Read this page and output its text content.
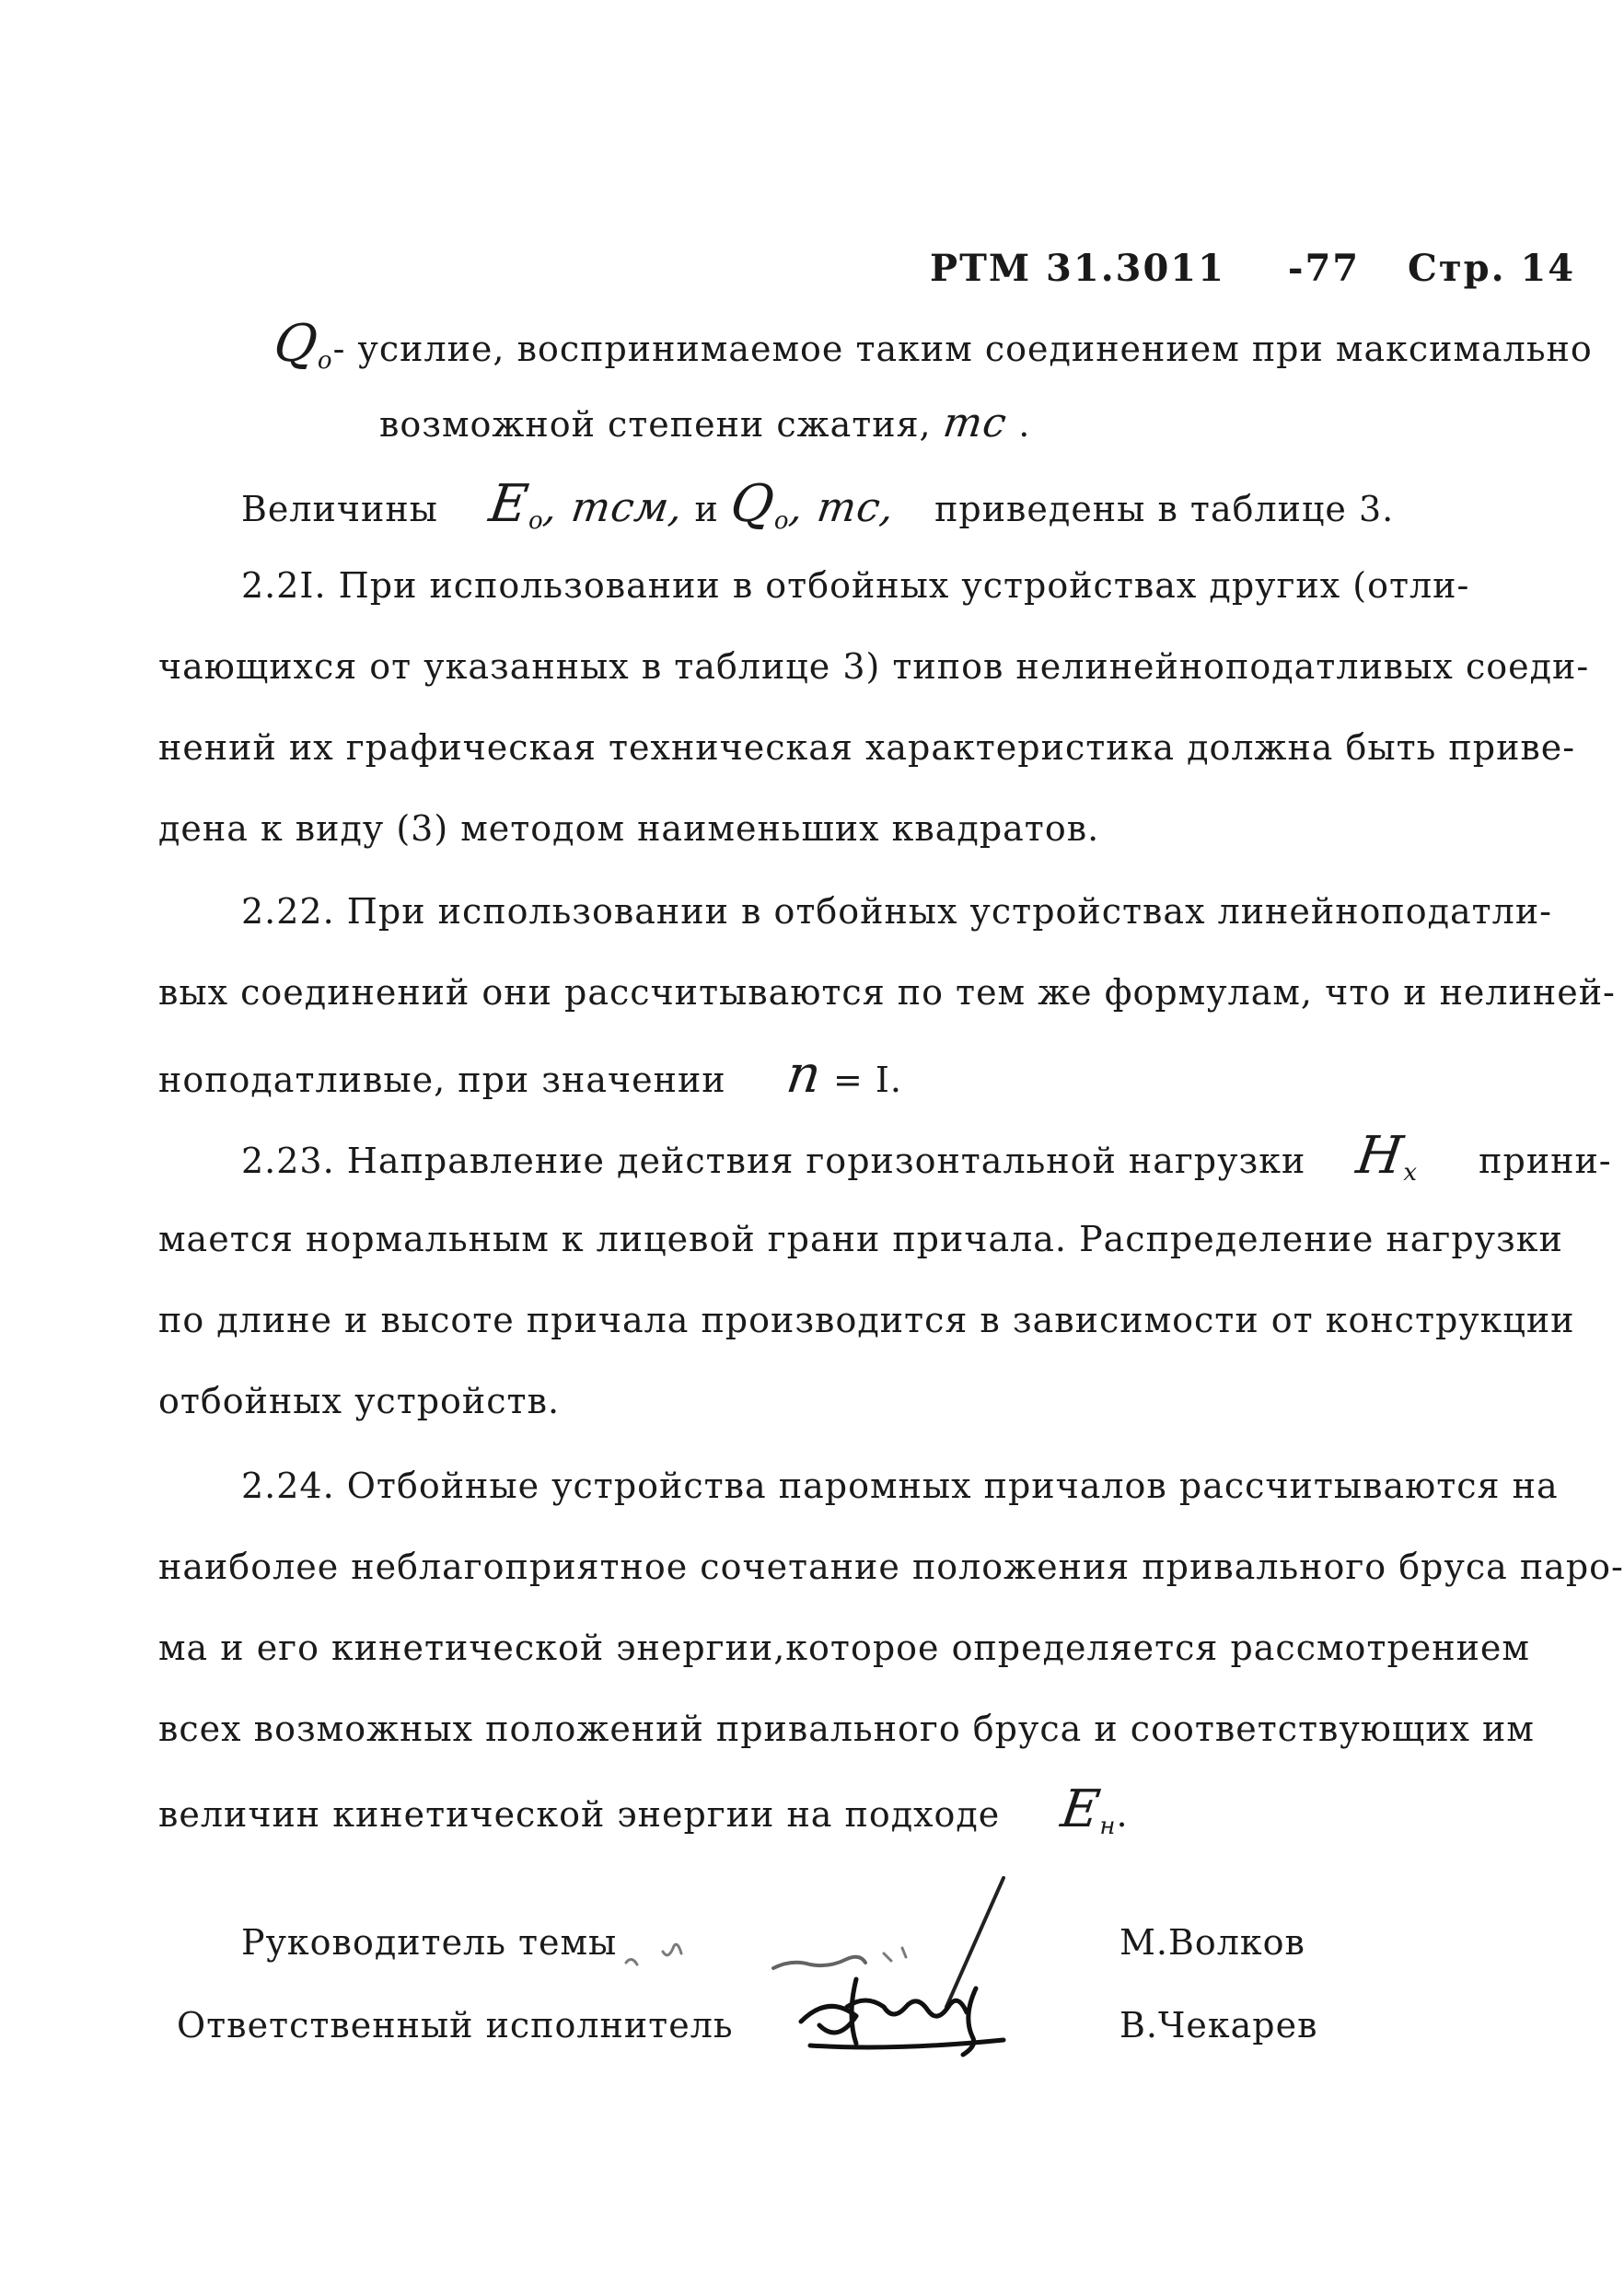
РТМ 31.3011 -77 Стр. 14
$Q_o-$ усилие, воспринимаемое таким соединением при максимально
возможной степени сжатия, тс .
Величины $E_o$, тсм, и $Q_o$, тс, приведены в таблице 3.
2.2I. При использовании в отбойных устройствах других (отли-
чающихся от указанных в таблице 3) типов нелинейноподатливых соеди-
нений их графическая техническая характеристика должна быть приве-
дена к виду (3) методом наименьших квадратов.
2.22. При использовании в отбойных устройствах линейноподатли-
вых соединений они рассчитываются по тем же формулам, что и нелиней-
ноподатливые, при значении n = I.
2.23. Направление действия горизонтальной нагрузки $H_x$ прини-
мается нормальным к лицевой грани причала. Распределение нагрузки
по длине и высоте причала производится в зависимости от конструкции
отбойных устройств.
2.24. Отбойные устройства паромных причалов рассчитываются на
наиболее неблагоприятное сочетание положения привального бруса паро-
ма и его кинетической энергии,которое определяется рассмотрением
всех возможных положений привального бруса и соответствующих им
величин кинетической энергии на подходе $E_н$.
Руководитель темы	М.Волков
Ответственный исполнитель	В.Чекарев
